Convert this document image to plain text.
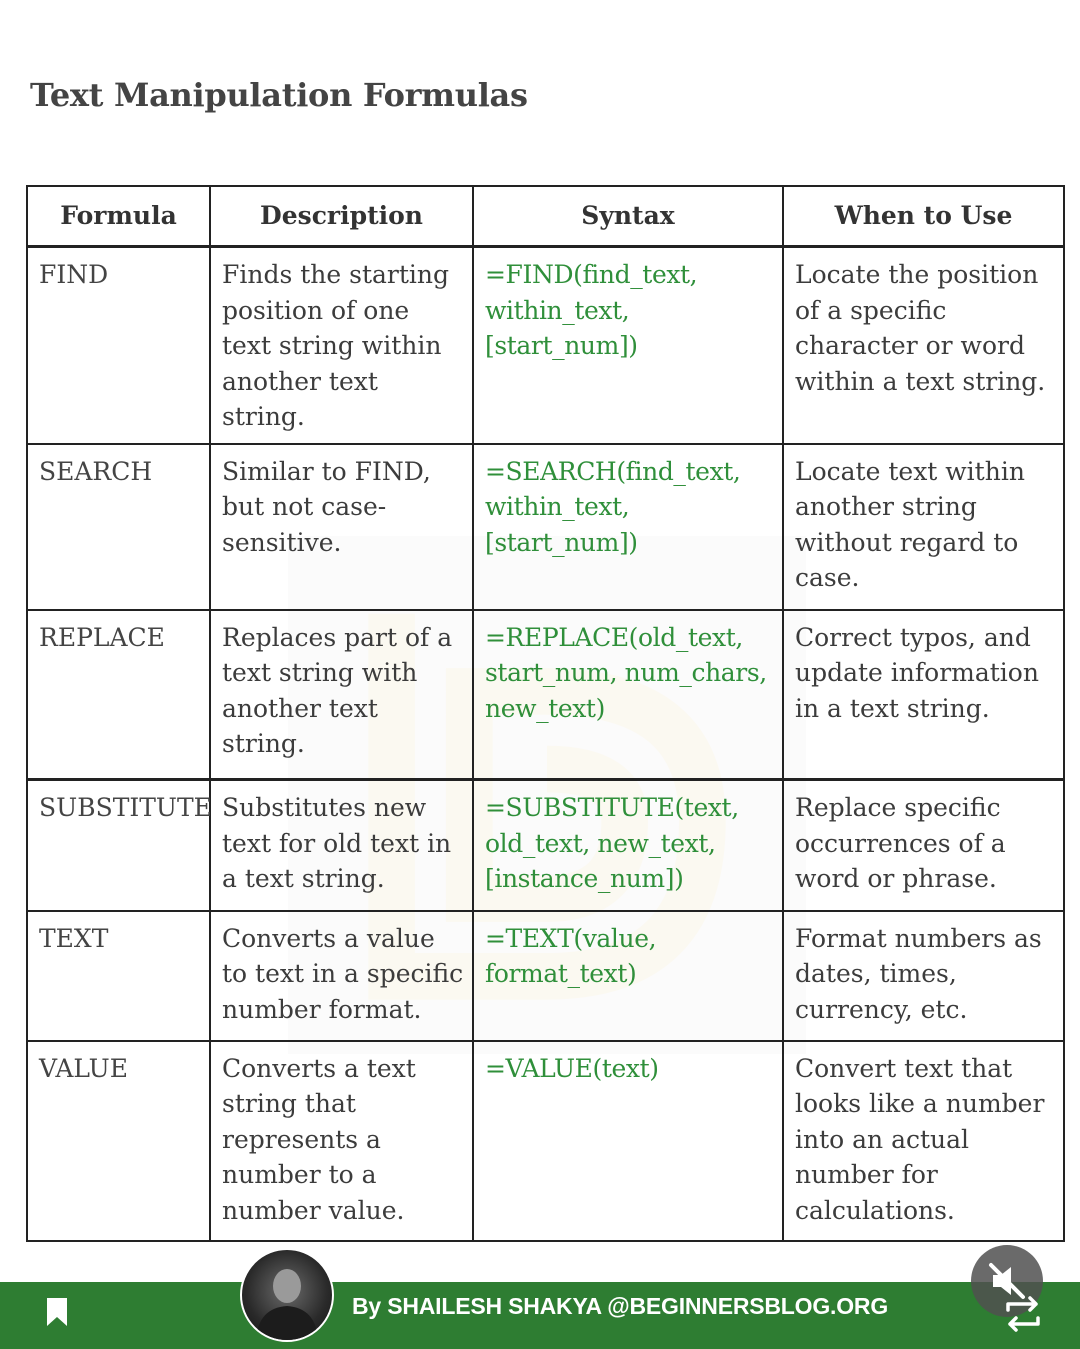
Text Manipulation Formulas
Formula	Description	Syntax	When to Use
FIND	Finds the starting position of one text string within another text string.	=FIND(find_text, within_text, [start_num])	Locate the position of a specific character or word within a text string.
SEARCH	Similar to FIND, but not case-sensitive.	=SEARCH(find_text, within_text, [start_num])	Locate text within another string without regard to case.
REPLACE	Replaces part of a text string with another text string.	=REPLACE(old_text, start_num, num_chars, new_text)	Correct typos, and update information in a text string.
SUBSTITUTE	Substitutes new text for old text in a text string.	=SUBSTITUTE(text, old_text, new_text, [instance_num])	Replace specific occurrences of a word or phrase.
TEXT	Converts a value to text in a specific number format.	=TEXT(value, format_text)	Format numbers as dates, times, currency, etc.
VALUE	Converts a text string that represents a number to a number value.	=VALUE(text)	Convert text that looks like a number into an actual number for calculations.
By SHAILESH SHAKYA @BEGINNERSBLOG.ORG
